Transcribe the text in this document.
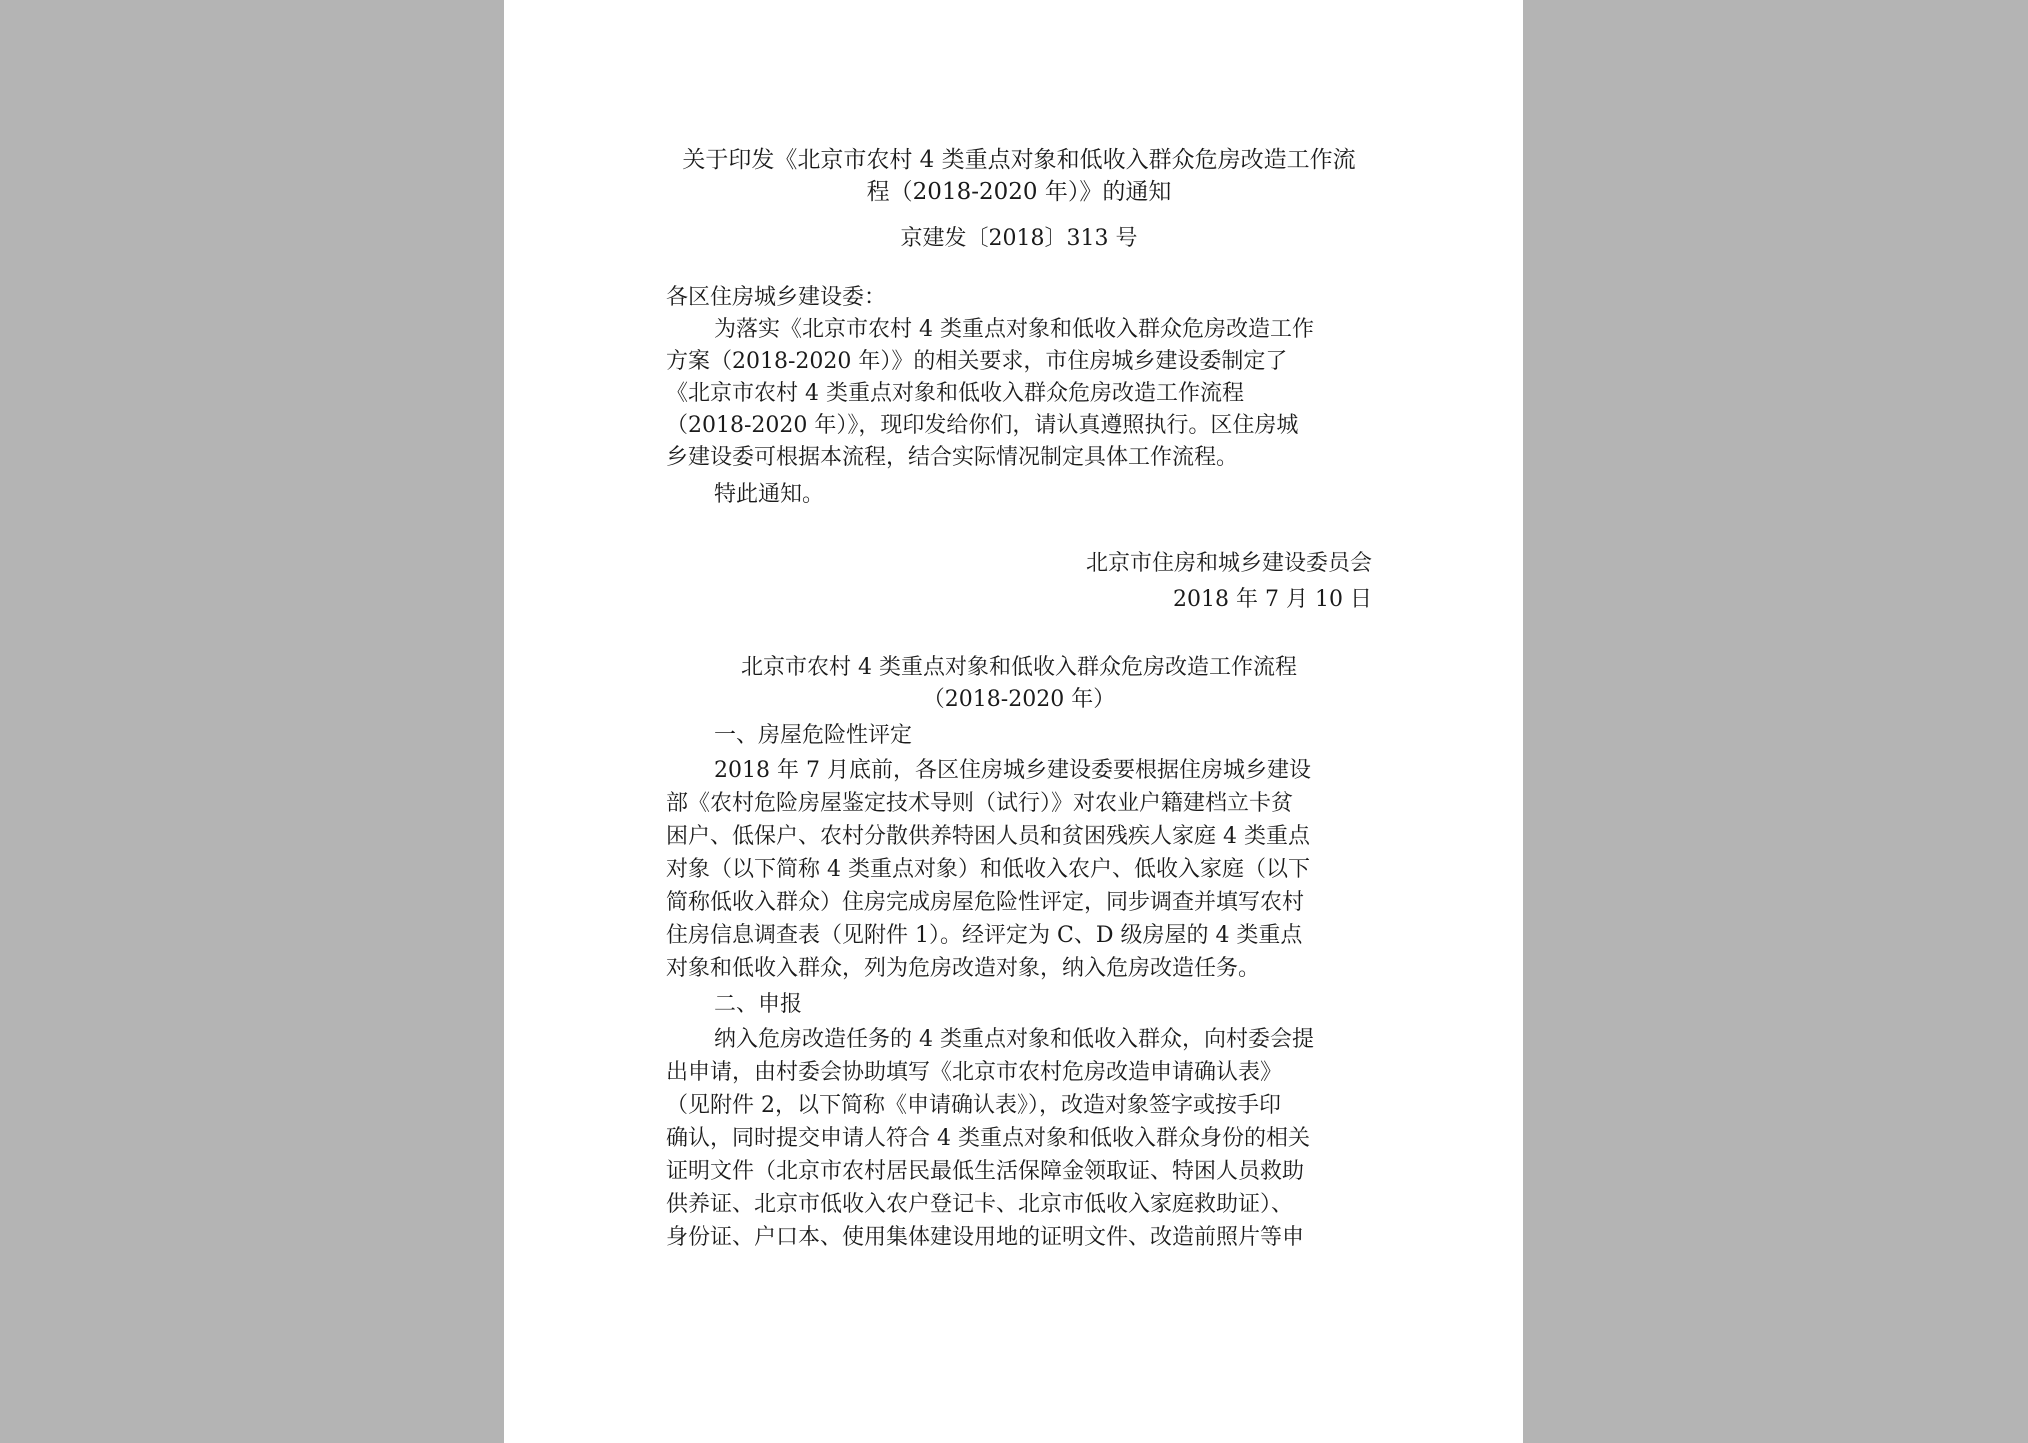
关于印发《北京市农村 4 类重点对象和低收入群众危房改造工作流
程（2018-2020 年）》的通知
京建发〔2018〕313 号
各区住房城乡建设委：
为落实《北京市农村 4 类重点对象和低收入群众危房改造工作
方案（2018-2020 年）》的相关要求，市住房城乡建设委制定了
《北京市农村 4 类重点对象和低收入群众危房改造工作流程
（2018-2020 年）》，现印发给你们，请认真遵照执行。区住房城
乡建设委可根据本流程，结合实际情况制定具体工作流程。
特此通知。
北京市住房和城乡建设委员会
2018 年 7 月 10 日
北京市农村 4 类重点对象和低收入群众危房改造工作流程
（2018-2020 年）
一、房屋危险性评定
2018 年 7 月底前，各区住房城乡建设委要根据住房城乡建设
部《农村危险房屋鉴定技术导则（试行）》对农业户籍建档立卡贫
困户、低保户、农村分散供养特困人员和贫困残疾人家庭 4 类重点
对象（以下简称 4 类重点对象）和低收入农户、低收入家庭（以下
简称低收入群众）住房完成房屋危险性评定，同步调查并填写农村
住房信息调查表（见附件 1）。经评定为 C、D 级房屋的 4 类重点
对象和低收入群众，列为危房改造对象，纳入危房改造任务。
二、申报
纳入危房改造任务的 4 类重点对象和低收入群众，向村委会提
出申请，由村委会协助填写《北京市农村危房改造申请确认表》
（见附件 2，以下简称《申请确认表》），改造对象签字或按手印
确认，同时提交申请人符合 4 类重点对象和低收入群众身份的相关
证明文件（北京市农村居民最低生活保障金领取证、特困人员救助
供养证、北京市低收入农户登记卡、北京市低收入家庭救助证）、
身份证、户口本、使用集体建设用地的证明文件、改造前照片等申
